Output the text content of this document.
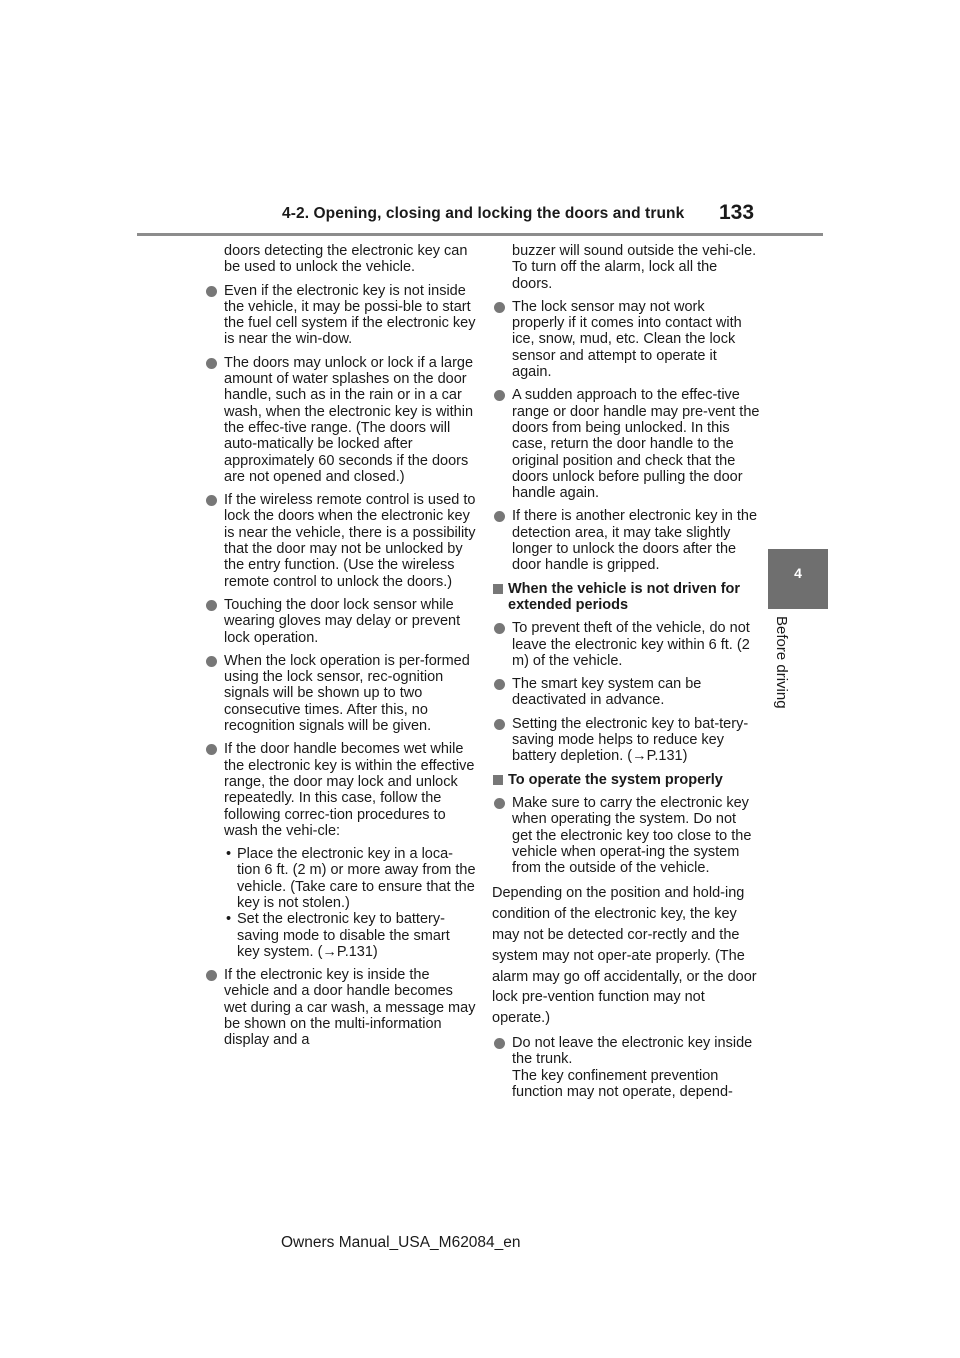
4-2. Opening, closing and locking the doors and trunk 133
4
Before driving
doors detecting the electronic key can be used to unlock the vehicle.
Even if the electronic key is not inside the vehicle, it may be possi-ble to start the fuel cell system if the electronic key is near the win-dow.
The doors may unlock or lock if a large amount of water splashes on the door handle, such as in the rain or in a car wash, when the electronic key is within the effec-tive range. (The doors will auto-matically be locked after approximately 60 seconds if the doors are not opened and closed.)
If the wireless remote control is used to lock the doors when the electronic key is near the vehicle, there is a possibility that the door may not be unlocked by the entry function. (Use the wireless remote control to unlock the doors.)
Touching the door lock sensor while wearing gloves may delay or prevent lock operation.
When the lock operation is per-formed using the lock sensor, rec-ognition signals will be shown up to two consecutive times. After this, no recognition signals will be given.
If the door handle becomes wet while the electronic key is within the effective range, the door may lock and unlock repeatedly. In this case, follow the following correc-tion procedures to wash the vehi-cle:
• Place the electronic key in a loca-tion 6 ft. (2 m) or more away from the vehicle. (Take care to ensure that the key is not stolen.)
• Set the electronic key to battery-saving mode to disable the smart key system. (→P.131)
If the electronic key is inside the vehicle and a door handle becomes wet during a car wash, a message may be shown on the multi-information display and a
buzzer will sound outside the vehi-cle. To turn off the alarm, lock all the doors.
The lock sensor may not work properly if it comes into contact with ice, snow, mud, etc. Clean the lock sensor and attempt to operate it again.
A sudden approach to the effec-tive range or door handle may pre-vent the doors from being unlocked. In this case, return the door handle to the original position and check that the doors unlock before pulling the door handle again.
If there is another electronic key in the detection area, it may take slightly longer to unlock the doors after the door handle is gripped.
When the vehicle is not driven for extended periods
To prevent theft of the vehicle, do not leave the electronic key within 6 ft. (2 m) of the vehicle.
The smart key system can be deactivated in advance.
Setting the electronic key to bat-tery-saving mode helps to reduce key battery depletion. (→P.131)
To operate the system properly
Make sure to carry the electronic key when operating the system. Do not get the electronic key too close to the vehicle when operat-ing the system from the outside of the vehicle.
Depending on the position and hold-ing condition of the electronic key, the key may not be detected cor-rectly and the system may not oper-ate properly. (The alarm may go off accidentally, or the door lock pre-vention function may not operate.)
Do not leave the electronic key inside the trunk.
The key confinement prevention function may not operate, depend-
Owners Manual_USA_M62084_en
